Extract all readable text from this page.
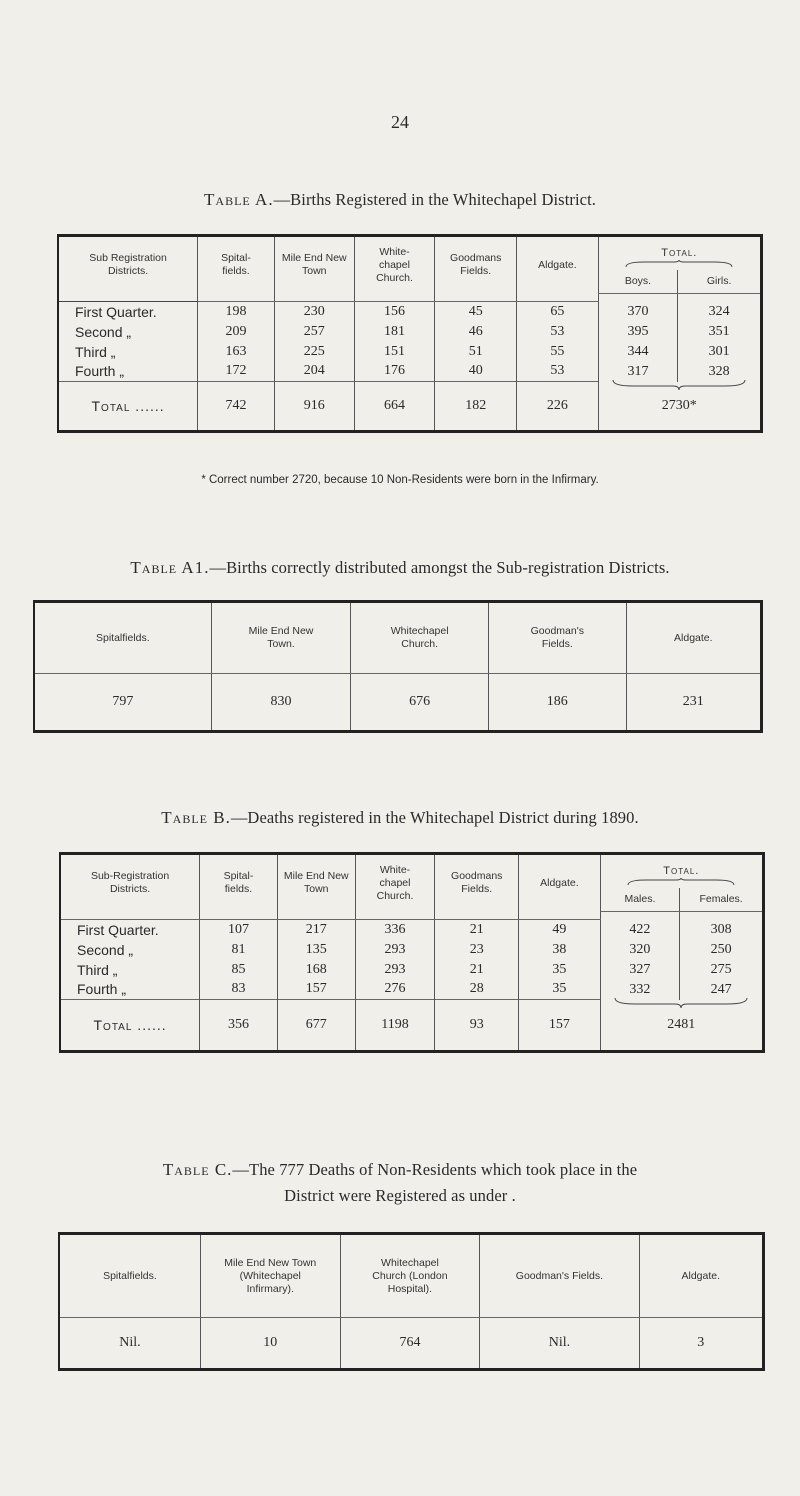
24
Table A.—Births Registered in the Whitechapel District.
Sub Registration Districts.	Spital- fields.	Mile End New Town	White- chapel Church.	Goodmans Fields.	Aldgate.	Total.	

						Boys.	Girls.

First Quarter.	198	230	156	45	65	370	324
Second „	209	257	181	46	53	395	351
Third „	163	225	151	51	55	344	301
Fourth „	172	204	176	40	53	317	328
Total ......	742	916	664	182	226	2730*	
* Correct number 2720, because 10 Non-Residents were born in the Infirmary.
Table A1.—Births correctly distributed amongst the Sub-registration Districts.
Spitalfields.	Mile End New Town.	Whitechapel Church.	Goodman's Fields.	Aldgate.
797	830	676	186	231
Table B.—Deaths registered in the Whitechapel District during 1890.
Sub-Registration Districts.	Spital- fields.	Mile End New Town	White- chapel Church.	Goodmans Fields.	Aldgate.	Total.	

						Males.	Females.

First Quarter.	107	217	336	21	49	422	308
Second „	81	135	293	23	38	320	250
Third „	85	168	293	21	35	327	275
Fourth „	83	157	276	28	35	332	247
Total ......	356	677	1198	93	157	2481	
Table C.—The 777 Deaths of Non-Residents which took place in the
District were Registered as under .
Spitalfields.	Mile End New Town (Whitechapel Infirmary).	Whitechapel Church (London Hospital).	Goodman's Fields.	Aldgate.
Nil.	10	764	Nil.	3
